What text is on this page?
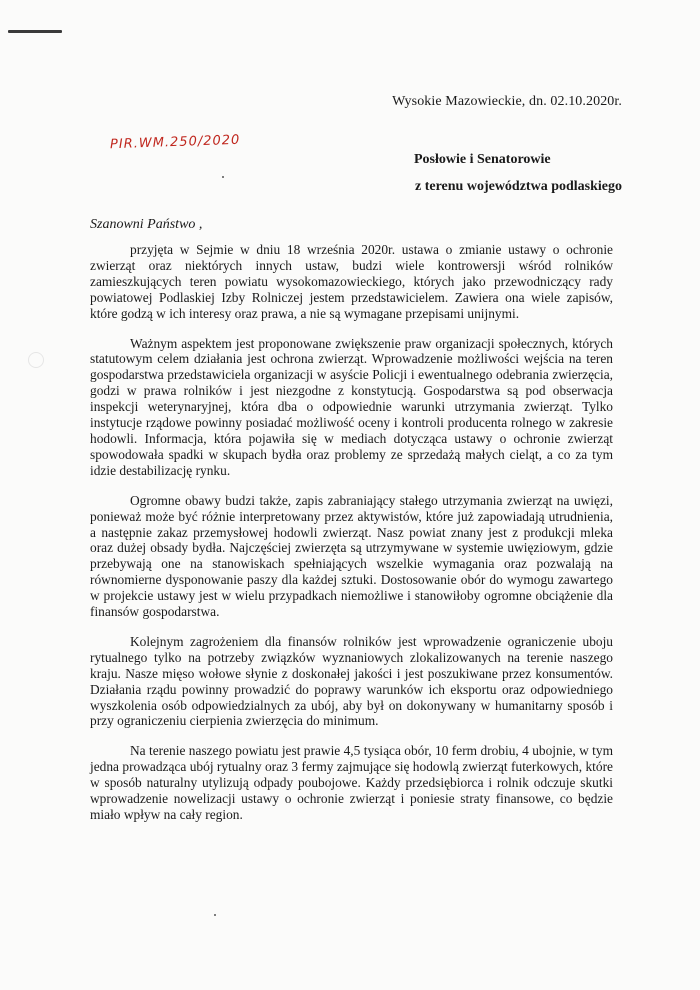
Wysokie Mazowieckie, dn. 02.10.2020r.
PIR.WM.250/2020
Posłowie i Senatorowie
z terenu województwa podlaskiego
Szanowni Państwo ,

przyjęta w Sejmie w dniu 18 września 2020r. ustawa o zmianie ustawy o ochronie zwierząt oraz niektórych innych ustaw, budzi wiele kontrowersji wśród rolników zamieszkujących teren powiatu wysokomazowieckiego, których jako przewodniczący rady powiatowej Podlaskiej Izby Rolniczej jestem przedstawicielem. Zawiera ona wiele zapisów, które godzą w ich interesy oraz prawa, a nie są wymagane przepisami unijnymi.

Ważnym aspektem jest proponowane zwiększenie praw organizacji społecznych, których statutowym celem działania jest ochrona zwierząt. Wprowadzenie możliwości wejścia na teren gospodarstwa przedstawiciela organizacji w asyście Policji i ewentualnego odebrania zwierzęcia, godzi w prawa rolników i jest niezgodne z konstytucją. Gospodarstwa są pod obserwacja inspekcji weterynaryjnej, która dba o odpowiednie warunki utrzymania zwierząt. Tylko instytucje rządowe powinny posiadać możliwość oceny i kontroli producenta rolnego w zakresie hodowli. Informacja, która pojawiła się w mediach dotycząca ustawy o ochronie zwierząt spowodowała spadki w skupach bydła oraz problemy ze sprzedażą małych cieląt, a co za tym idzie destabilizację rynku.

Ogromne obawy budzi także, zapis zabraniający stałego utrzymania zwierząt na uwięzi, ponieważ może być różnie interpretowany przez aktywistów, które już zapowiadają utrudnienia, a następnie zakaz przemysłowej hodowli zwierząt. Nasz powiat znany jest z produkcji mleka oraz dużej obsady bydła. Najczęściej zwierzęta są utrzymywane w systemie uwięziowym, gdzie przebywają one na stanowiskach spełniających wszelkie wymagania oraz pozwalają na równomierne dysponowanie paszy dla każdej sztuki. Dostosowanie obór do wymogu zawartego w projekcie ustawy jest w wielu przypadkach niemożliwe i stanowiłoby ogromne obciążenie dla finansów gospodarstwa.

Kolejnym zagrożeniem dla finansów rolników jest wprowadzenie ograniczenie uboju rytualnego tylko na potrzeby związków wyznaniowych zlokalizowanych na terenie naszego kraju. Nasze mięso wołowe słynie z doskonałej jakości i jest poszukiwane przez konsumentów. Działania rządu powinny prowadzić do poprawy warunków ich eksportu oraz odpowiedniego wyszkolenia osób odpowiedzialnych za ubój, aby był on dokonywany w humanitarny sposób i przy ograniczeniu cierpienia zwierzęcia do minimum.

Na terenie naszego powiatu jest prawie 4,5 tysiąca obór, 10 ferm drobiu, 4 ubojnie, w tym jedna prowadząca ubój rytualny oraz 3 fermy zajmujące się hodowlą zwierząt futerkowych, które w sposób naturalny utylizują odpady poubojowe. Każdy przedsiębiorca i rolnik odczuje skutki wprowadzenie nowelizacji ustawy o ochronie zwierząt i poniesie straty finansowe, co będzie miało wpływ na cały region.
